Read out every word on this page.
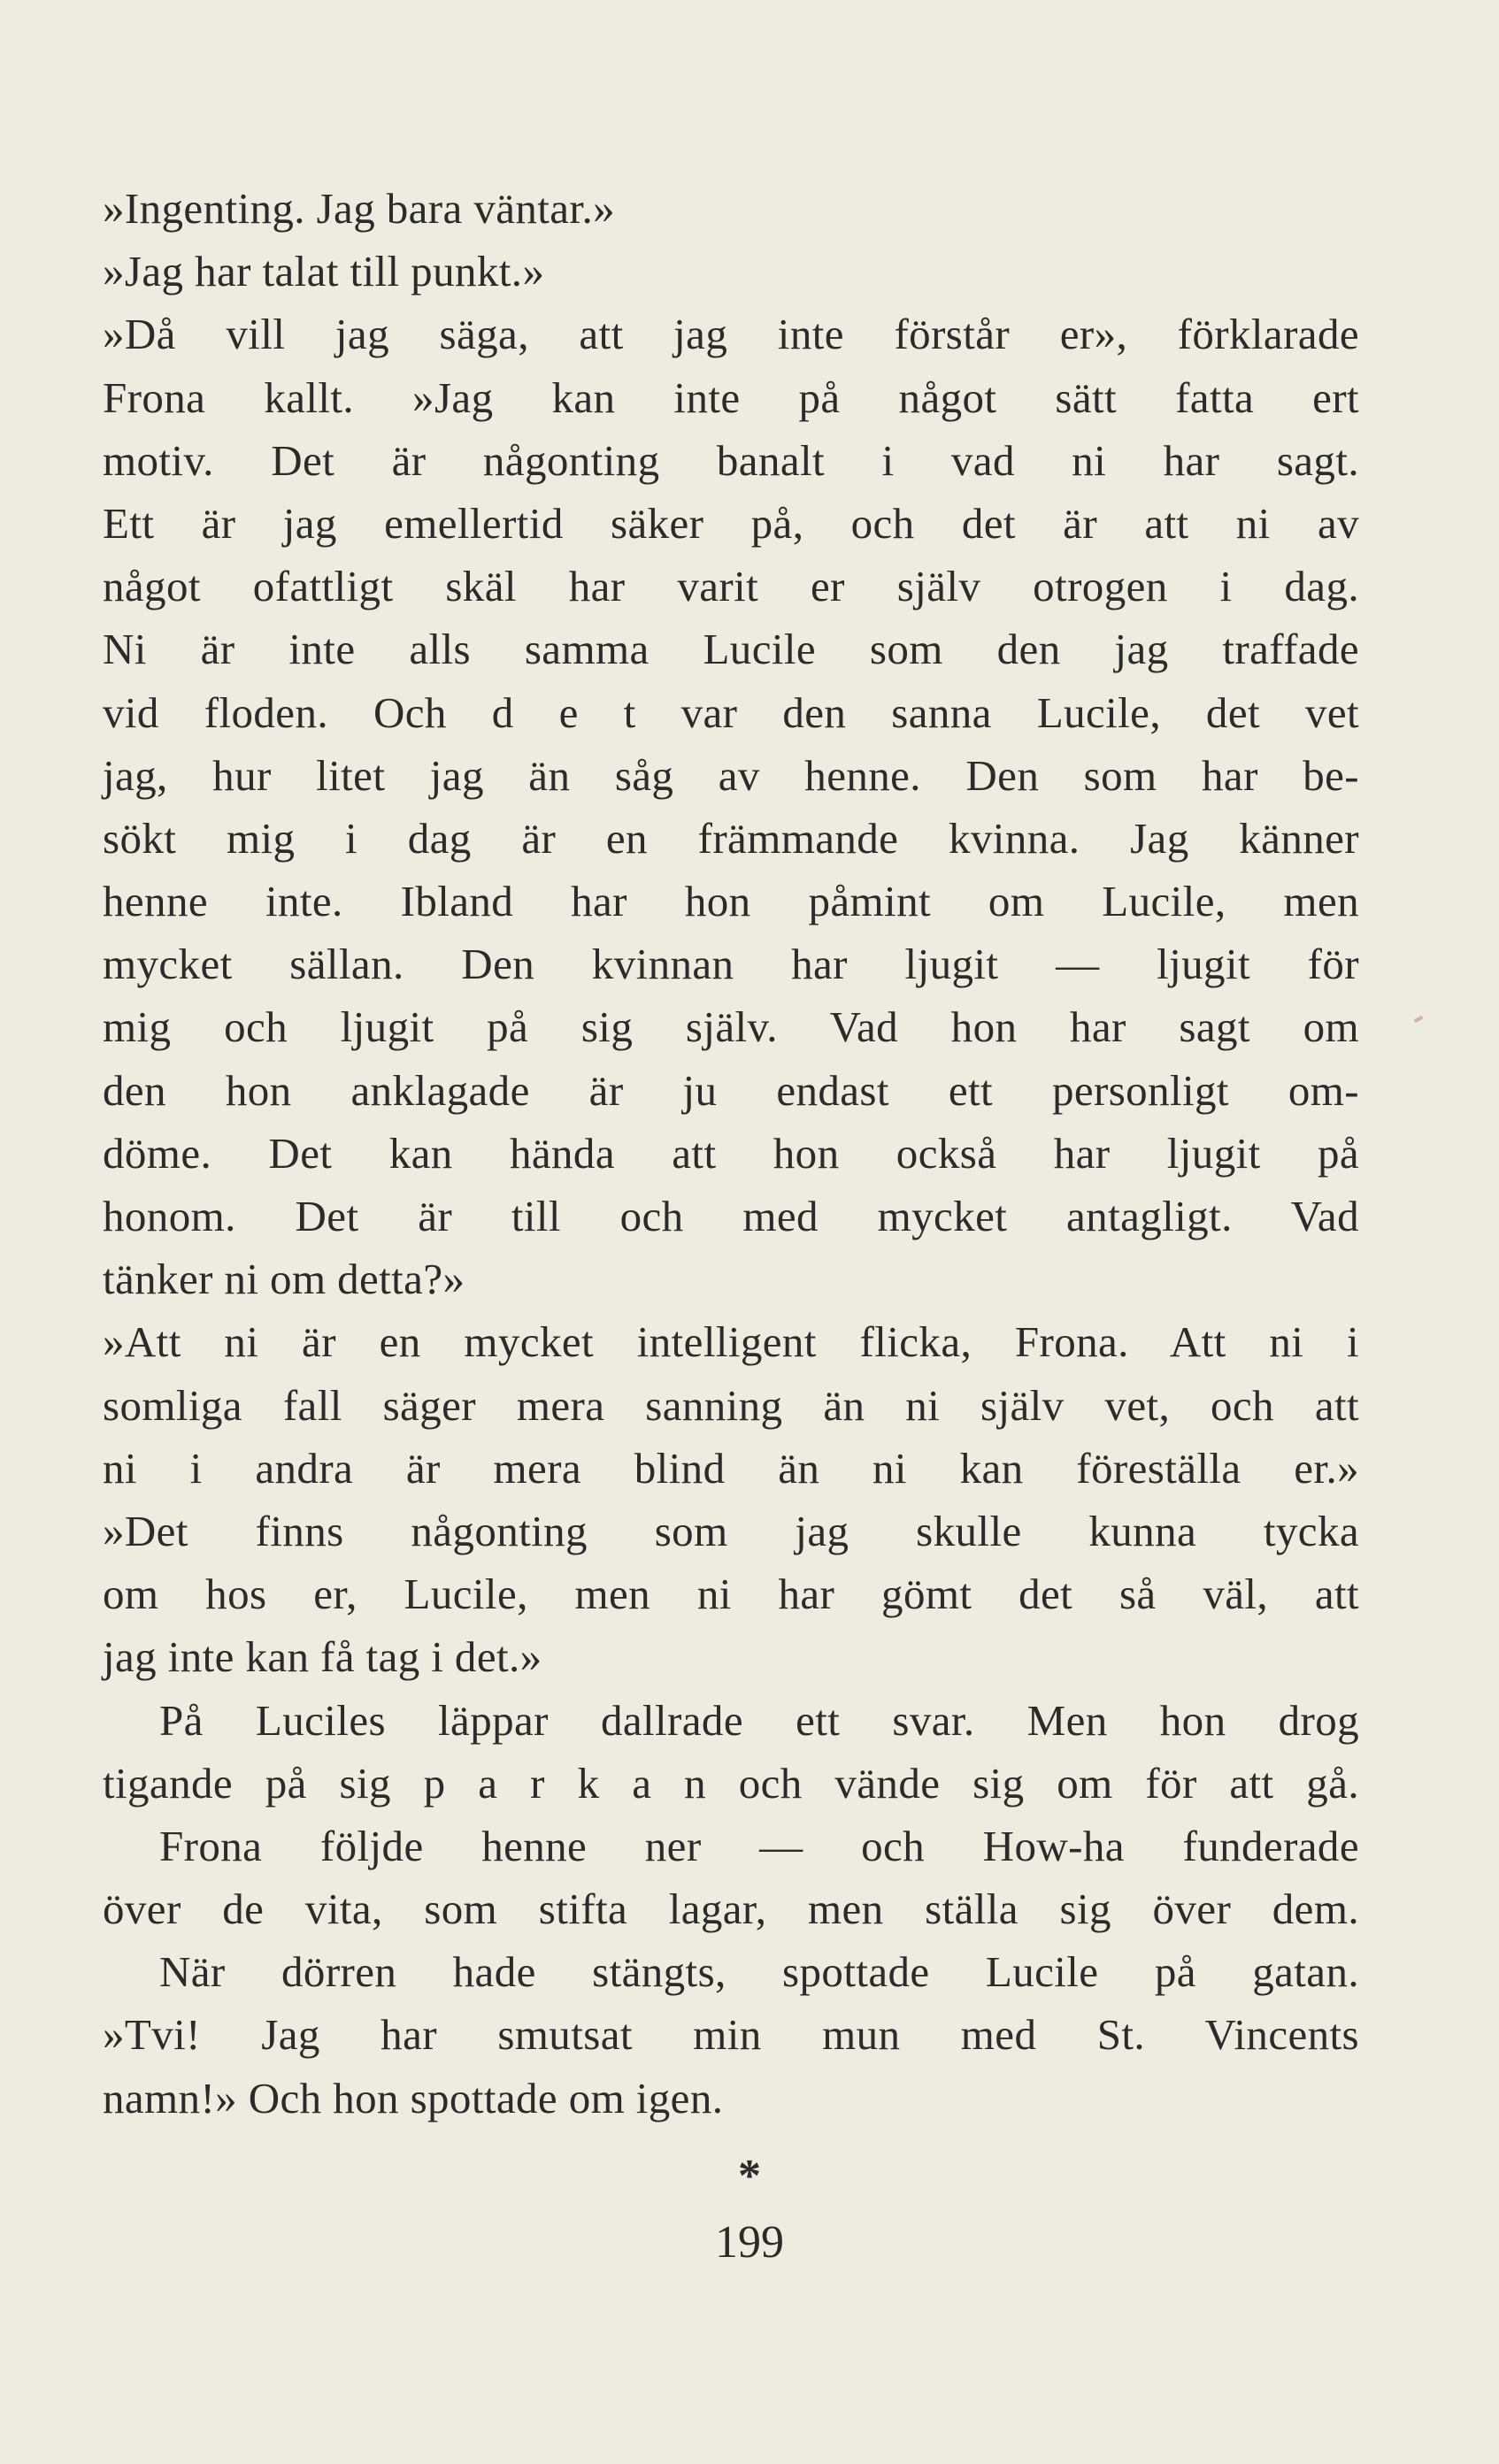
»Ingenting. Jag bara väntar.»
»Jag har talat till punkt.»
»Då vill jag säga, att jag inte förstår er», förklarade
Frona kallt. »Jag kan inte på något sätt fatta ert
motiv. Det är någonting banalt i vad ni har sagt.
Ett är jag emellertid säker på, och det är att ni av
något ofattligt skäl har varit er själv otrogen i dag.
Ni är inte alls samma Lucile som den jag traffade
vid floden. Och d e t var den sanna Lucile, det vet
jag, hur litet jag än såg av henne. Den som har be-
sökt mig i dag är en främmande kvinna. Jag känner
henne inte. Ibland har hon påmint om Lucile, men
mycket sällan. Den kvinnan har ljugit — ljugit för
mig och ljugit på sig själv. Vad hon har sagt om
den hon anklagade är ju endast ett personligt om-
döme. Det kan hända att hon också har ljugit på
honom. Det är till och med mycket antagligt. Vad
tänker ni om detta?»
»Att ni är en mycket intelligent flicka, Frona. Att ni i
somliga fall säger mera sanning än ni själv vet, och att
ni i andra är mera blind än ni kan föreställa er.»
»Det finns någonting som jag skulle kunna tycka
om hos er, Lucile, men ni har gömt det så väl, att
jag inte kan få tag i det.»
På Luciles läppar dallrade ett svar. Men hon drog
tigande på sig p a r k a n och vände sig om för att gå.
Frona följde henne ner — och How-ha funderade
över de vita, som stifta lagar, men ställa sig över dem.
När dörren hade stängts, spottade Lucile på gatan.
»Tvi! Jag har smutsat min mun med St. Vincents
namn!» Och hon spottade om igen.
*
199
